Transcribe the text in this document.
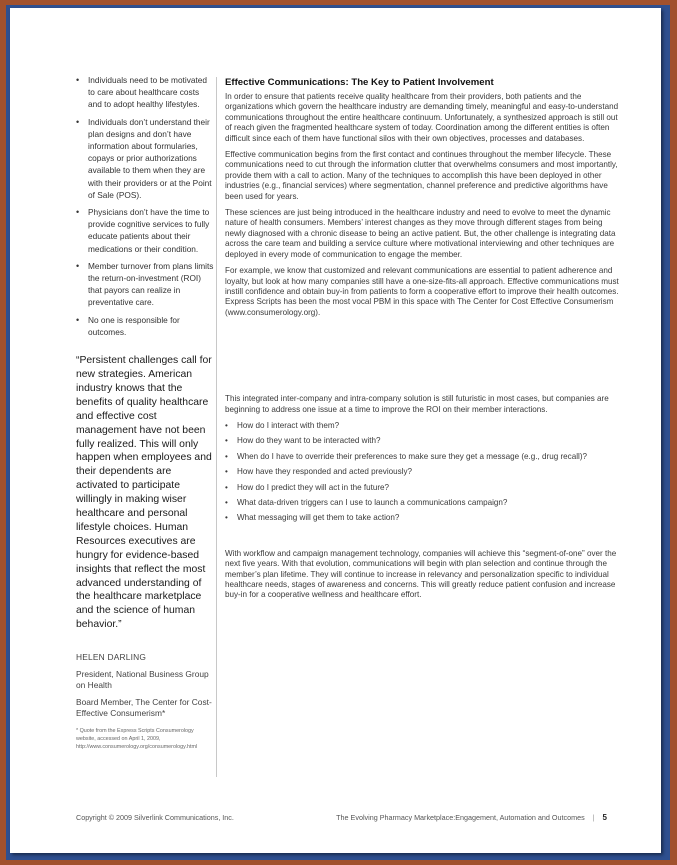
• Individuals need to be motivated to care about healthcare costs and to adopt healthy lifestyles.
• Individuals don’t understand their plan designs and don’t have information about formularies, copays or prior authorizations available to them when they are with their providers or at the Point of Sale (POS).
• Physicians don’t have the time to provide cognitive services to fully educate patients about their medications or their condition.
• Member turnover from plans limits the return-on-investment (ROI) that payors can realize in preventative care.
• No one is responsible for outcomes.
“Persistent challenges call for new strategies. American industry knows that the benefits of quality healthcare and effective cost management have not been fully realized. This will only happen when employees and their dependents are activated to participate willingly in making wiser healthcare and personal lifestyle choices. Human Resources executives are hungry for evidence-based insights that reflect the most advanced understanding of the healthcare marketplace and the science of human behavior.”
HELEN DARLING
President, National Business Group on Health
Board Member, The Center for Cost-Effective Consumerism*
* Quote from the Express Scripts Consumerology website, accessed on April 1, 2009, http://www.consumerology.org/consumerology.html
Effective Communications: The Key to Patient Involvement

In order to ensure that patients receive quality healthcare from their providers, both patients and the organizations which govern the healthcare industry are demanding timely, meaningful and easy-to-understand communications throughout the entire healthcare continuum. Unfortunately, a synthesized approach is still out of reach given the fragmented healthcare system of today. Coordination among the different entities is often difficult since each of them have functional silos with their own objectives, processes and databases.

Effective communication begins from the first contact and continues throughout the member lifecycle. These communications need to cut through the information clutter that overwhelms consumers and most importantly, provide them with a call to action. Many of the techniques to accomplish this have been deployed in other industries (e.g., financial services) where segmentation, channel preference and predictive algorithms have been used for years.

These sciences are just being introduced in the healthcare industry and need to evolve to meet the dynamic nature of health consumers. Members’ interest changes as they move through different stages from being newly diagnosed with a chronic disease to being an active patient. But, the other challenge is integrating data across the care team and building a service culture where motivational interviewing and other techniques are deployed in every mode of communication to engage the member.

For example, we know that customized and relevant communications are essential to patient adherence and loyalty, but look at how many companies still have a one-size-fits-all approach. Effective communications must instill confidence and obtain buy-in from patients to form a cooperative effort to improve their health outcomes. Express Scripts has been the most vocal PBM in this space with The Center for Cost Effective Consumerism (www.consumerology.org).

This integrated inter-company and intra-company solution is still futuristic in most cases, but companies are beginning to address one issue at a time to improve the ROI on their member interactions.

• How do I interact with them?
• How do they want to be interacted with?
• When do I have to override their preferences to make sure they get a message (e.g., drug recall)?
• How have they responded and acted previously?
• How do I predict they will act in the future?
• What data-driven triggers can I use to launch a communications campaign?
• What messaging will get them to take action?

With workflow and campaign management technology, companies will achieve this “segment-of-one” over the next five years. With that evolution, communications will begin with plan selection and continue through the member’s plan lifetime. They will continue to increase in relevancy and personalization specific to individual healthcare needs, stages of awareness and concerns. This will greatly reduce patient confusion and increase buy-in for a cooperative wellness and healthcare effort.

Copyright © 2009 Silverlink Communications, Inc.	The Evolving Pharmacy Marketplace:Engagement, Automation and Outcomes | 5
